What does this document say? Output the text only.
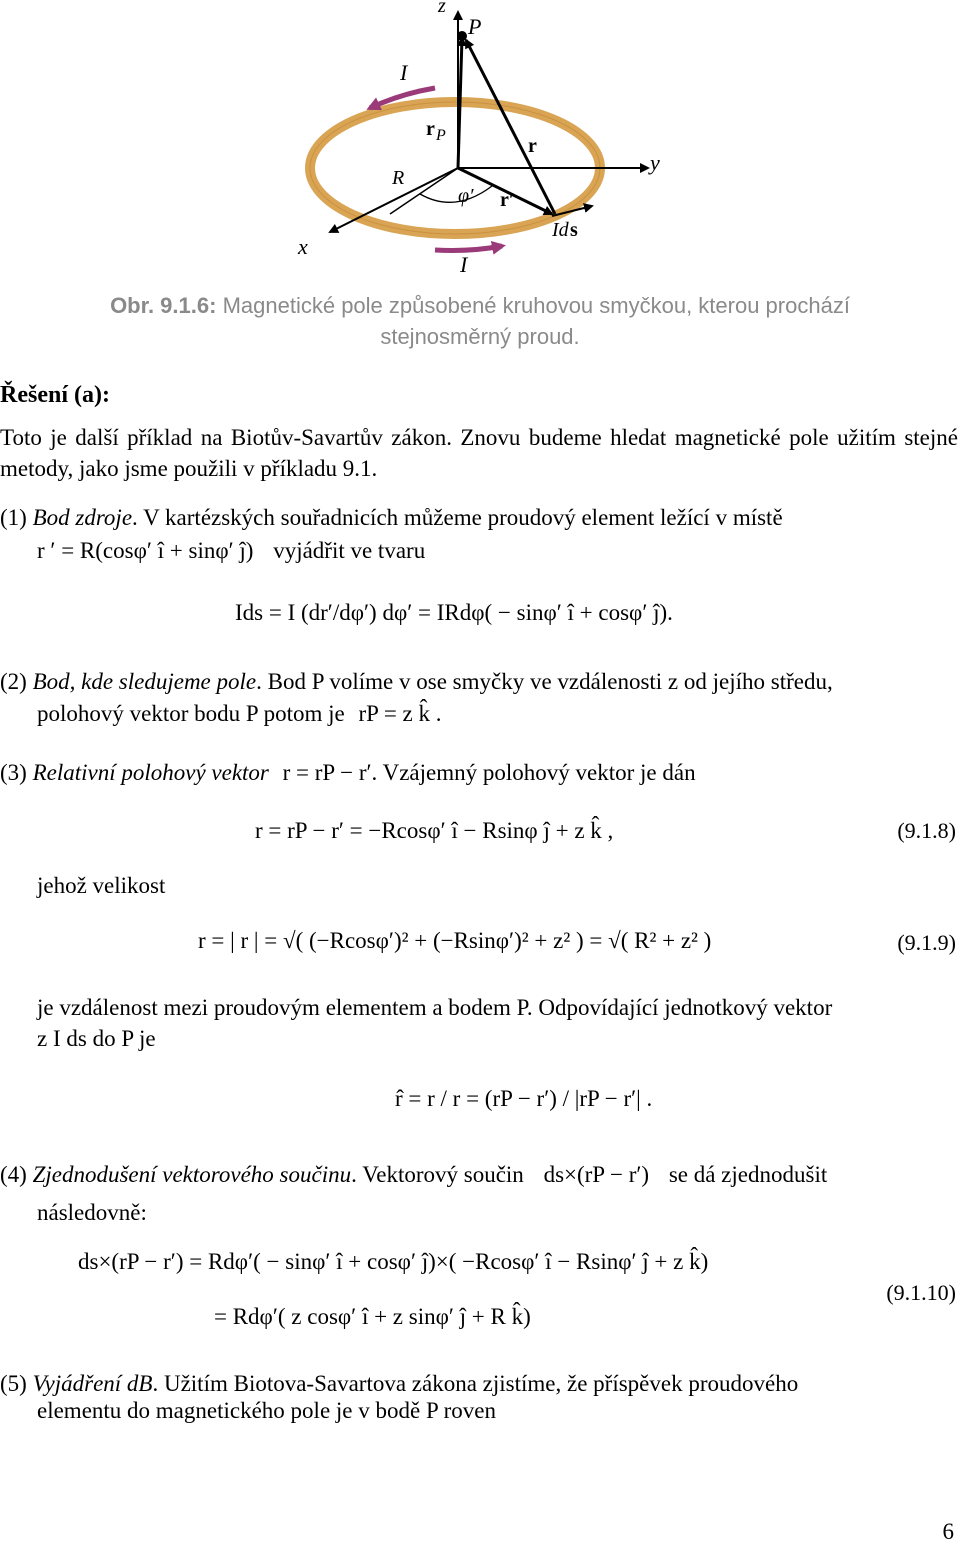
z
P
I
r P	r
y
R
φ′ r′
Id s
x
I
Obr. 9.1.6: Magnetické pole způsobené kruhovou smyčkou, kterou prochází
stejnosměrný proud.
Řešení (a):
Toto je další příklad na Biotův-Savartův zákon. Znovu budeme hledat magnetické pole užitím stejné metody, jako jsme použili v příkladu 9.1.
(1) Bod zdroje. V kartézských souřadnicích můžeme proudový element ležící v místě
r ′ = R(cosφ′ î + sinφ′ ĵ) vyjádřit ve tvaru
Ids = I (dr′/dφ′) dφ′ = IRdφ( − sinφ′ î + cosφ′ ĵ).
(2) Bod, kde sledujeme pole. Bod P volíme v ose smyčky ve vzdálenosti z od jejího středu,
polohový vektor bodu P potom je rP = z k̂ .
(3) Relativní polohový vektor r = rP − r′. Vzájemný polohový vektor je dán
r = rP − r′ = −Rcosφ′ î − Rsinφ ĵ + z k̂ ,	(9.1.8)
jehož velikost
r = | r | = √( (−Rcosφ′)² + (−Rsinφ′)² + z² ) = √( R² + z² )	(9.1.9)
je vzdálenost mezi proudovým elementem a bodem P. Odpovídající jednotkový vektor
z I ds do P je
r̂ = r / r = (rP − r′) / |rP − r′| .
(4) Zjednodušení vektorového součinu. Vektorový součin ds×(rP − r′) se dá zjednodušit
následovně:
ds×(rP − r′) = Rdφ′( − sinφ′ î + cosφ′ ĵ)×( −Rcosφ′ î − Rsinφ′ ĵ + z k̂)
= Rdφ′( z cosφ′ î + z sinφ′ ĵ + R k̂)
(9.1.10)
(5) Vyjádření dB. Užitím Biotova-Savartova zákona zjistíme, že příspěvek proudového
elementu do magnetického pole je v bodě P roven
6
